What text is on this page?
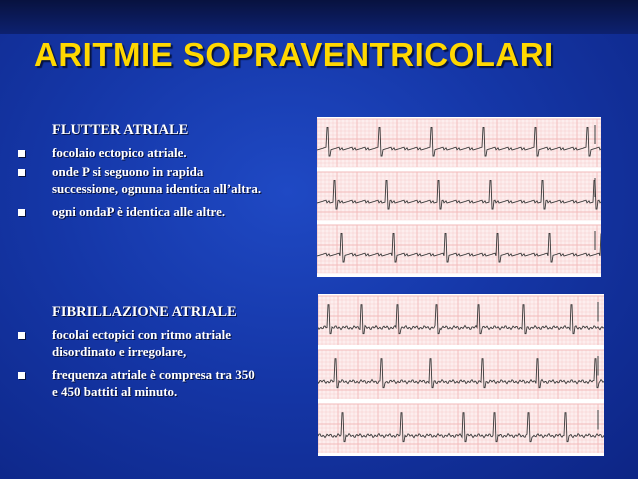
ARITMIE SOPRAVENTRICOLARI
FLUTTER ATRIALE
focolaio ectopico atriale.
onde P si seguono in rapida
successione, ognuna identica all’altra.
ogni ondaP è identica alle altre.
FIBRILLAZIONE ATRIALE
focolai ectopici con ritmo atriale
disordinato e irregolare,
frequenza atriale è compresa tra 350
e 450 battiti al minuto.
